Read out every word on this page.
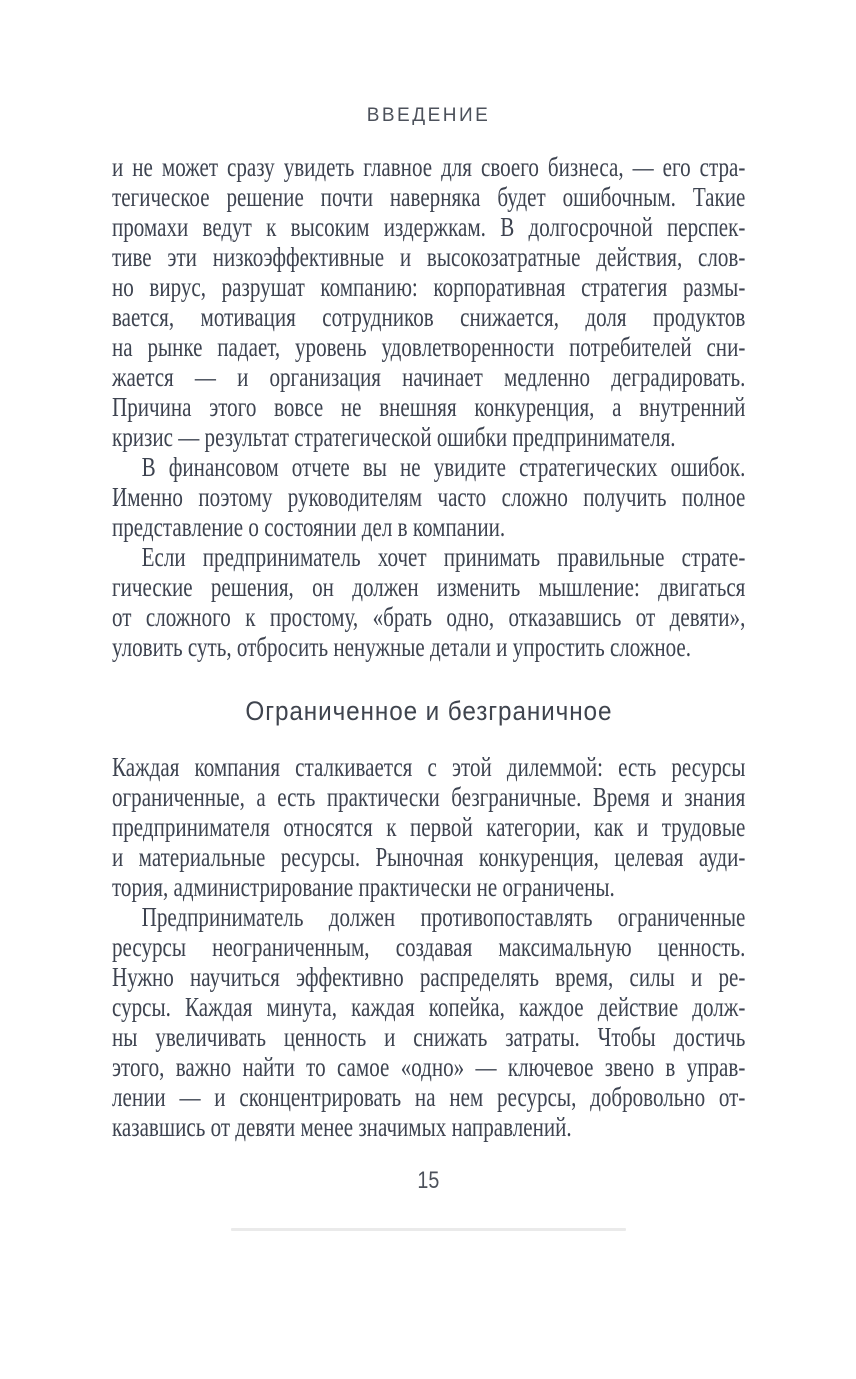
ВВЕДЕНИЕ
и не может сразу увидеть главное для своего бизнеса, — его стра-
тегическое решение почти наверняка будет ошибочным. Такие
промахи ведут к высоким издержкам. В долгосрочной перспек-
тиве эти низкоэффективные и высокозатратные действия, слов-
но вирус, разрушат компанию: корпоративная стратегия размы-
вается, мотивация сотрудников снижается, доля продуктов
на рынке падает, уровень удовлетворенности потребителей сни-
жается — и организация начинает медленно деградировать.
Причина этого вовсе не внешняя конкуренция, а внутренний
кризис — результат стратегической ошибки предпринимателя.
В финансовом отчете вы не увидите стратегических ошибок.
Именно поэтому руководителям часто сложно получить полное
представление о состоянии дел в компании.
Если предприниматель хочет принимать правильные страте-
гические решения, он должен изменить мышление: двигаться
от сложного к простому, «брать одно, отказавшись от девяти»,
уловить суть, отбросить ненужные детали и упростить сложное.
Ограниченное и безграничное
Каждая компания сталкивается с этой дилеммой: есть ресурсы
ограниченные, а есть практически безграничные. Время и знания
предпринимателя относятся к первой категории, как и трудовые
и материальные ресурсы. Рыночная конкуренция, целевая ауди-
тория, администрирование практически не ограничены.
Предприниматель должен противопоставлять ограниченные
ресурсы неограниченным, создавая максимальную ценность.
Нужно научиться эффективно распределять время, силы и ре-
сурсы. Каждая минута, каждая копейка, каждое действие долж-
ны увеличивать ценность и снижать затраты. Чтобы достичь
этого, важно найти то самое «одно» — ключевое звено в управ-
лении — и сконцентрировать на нем ресурсы, добровольно от-
казавшись от девяти менее значимых направлений.
15
